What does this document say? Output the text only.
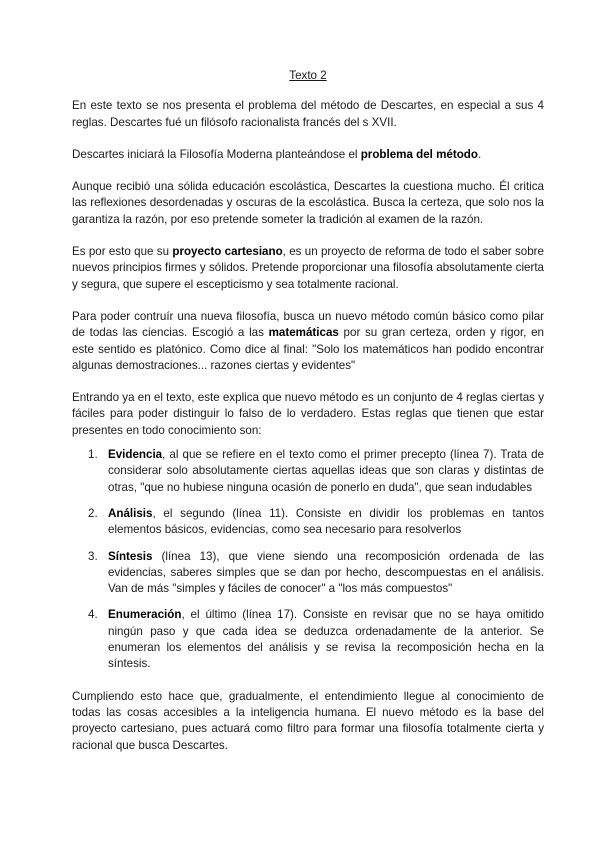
Texto 2

En este texto se nos presenta el problema del método de Descartes, en especial a sus 4 reglas. Descartes fué un filósofo racionalista francés del s XVII.

Descartes iniciará la Filosofía Moderna planteándose el problema del método.

Aunque recibió una sólida educación escolástica, Descartes la cuestiona mucho. Él critica las reflexiones desordenadas y oscuras de la escolástica. Busca la certeza, que solo nos la garantiza la razón, por eso pretende someter la tradición al examen de la razón.

Es por esto que su proyecto cartesiano, es un proyecto de reforma de todo el saber sobre nuevos principios firmes y sólidos. Pretende proporcionar una filosofía absolutamente cierta y segura, que supere el escepticismo y sea totalmente racional.

Para poder contruír una nueva filosofía, busca un nuevo método común básico como pilar de todas las ciencias. Escogió a las matemáticas por su gran certeza, orden y rigor, en este sentido es platónico. Como dice al final: "Solo los matemáticos han podido encontrar algunas demostraciones... razones ciertas y evidentes"

Entrando ya en el texto, este explica que nuevo método es un conjunto de 4 reglas ciertas y fáciles para poder distinguir lo falso de lo verdadero. Estas reglas que tienen que estar presentes en todo conocimiento son:

1. Evidencia, al que se refiere en el texto como el primer precepto (línea 7). Trata de considerar solo absolutamente ciertas aquellas ideas que son claras y distintas de otras, "que no hubiese ninguna ocasión de ponerlo en duda", que sean indudables
2. Análisis, el segundo (línea 11). Consiste en dividir los problemas en tantos elementos básicos, evidencias, como sea necesario para resolverlos
3. Síntesis (línea 13), que viene siendo una recomposición ordenada de las evidencias, saberes simples que se dan por hecho, descompuestas en el análisis. Van de más "simples y fáciles de conocer" a "los más compuestos"
4. Enumeración, el último (línea 17). Consiste en revisar que no se haya omitido ningún paso y que cada idea se deduzca ordenadamente de la anterior. Se enumeran los elementos del análisis y se revisa la recomposición hecha en la síntesis.

Cumpliendo esto hace que, gradualmente, el entendimiento llegue al conocimiento de todas las cosas accesibles a la inteligencia humana. El nuevo método es la base del proyecto cartesiano, pues actuará como filtro para formar una filosofía totalmente cierta y racional que busca Descartes.
